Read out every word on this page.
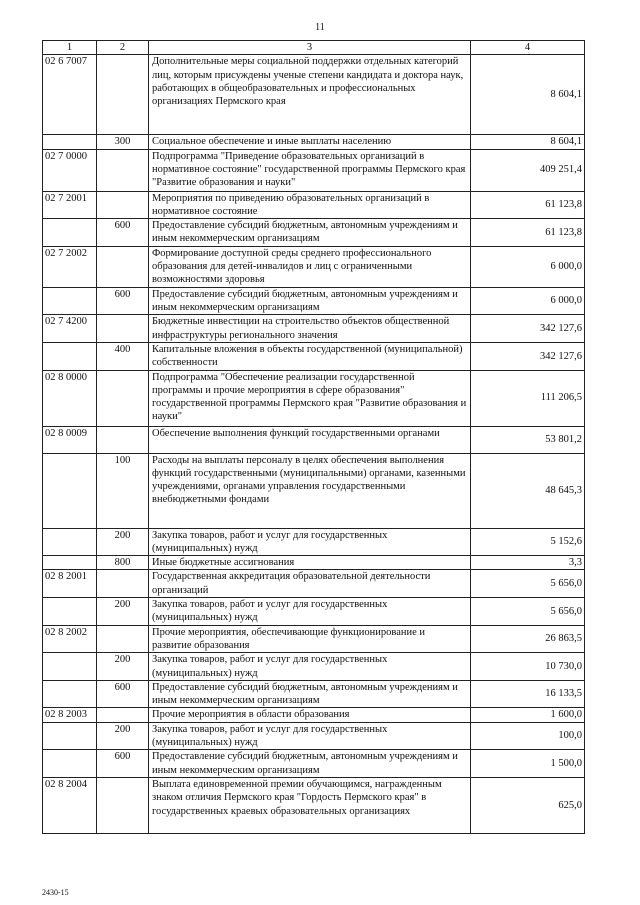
11
1	2	3	4
02 6 7007		Дополнительные меры социальной поддержки отдельных категорий лиц, которым присуждены ученые степени кандидата и доктора наук, работающих в общеобразовательных и профессиональных организациях Пермского края	8 604,1
	300	Социальное обеспечение и иные выплаты населению	8 604,1
02 7 0000		Подпрограмма "Приведение образовательных организаций в нормативное состояние" государственной программы Пермского края "Развитие образования и науки"	409 251,4
02 7 2001		Мероприятия по приведению образовательных организаций в нормативное состояние	61 123,8
	600	Предоставление субсидий бюджетным, автономным учреждениям и иным некоммерческим организациям	61 123,8
02 7 2002		Формирование доступной среды среднего профессионального образования для детей-инвалидов и лиц с ограниченными возможностями здоровья	6 000,0
	600	Предоставление субсидий бюджетным, автономным учреждениям и иным некоммерческим организациям	6 000,0
02 7 4200		Бюджетные инвестиции на строительство объектов общественной инфраструктуры регионального значения	342 127,6
	400	Капитальные вложения в объекты государственной (муниципальной) собственности	342 127,6
02 8 0000		Подпрограмма "Обеспечение реализации государственной программы и прочие мероприятия в сфере образования" государственной программы Пермского края "Развитие образования и науки"	111 206,5
02 8 0009		Обеспечение выполнения функций государственными органами	53 801,2
	100	Расходы на выплаты персоналу в целях обеспечения выполнения функций государственными (муниципальными) органами, казенными учреждениями, органами управления государственными внебюджетными фондами	48 645,3
	200	Закупка товаров, работ и услуг для государственных (муниципальных) нужд	5 152,6
	800	Иные бюджетные ассигнования	3,3
02 8 2001		Государственная аккредитация образовательной деятельности организаций	5 656,0
	200	Закупка товаров, работ и услуг для государственных (муниципальных) нужд	5 656,0
02 8 2002		Прочие мероприятия, обеспечивающие функционирование и развитие образования	26 863,5
	200	Закупка товаров, работ и услуг для государственных (муниципальных) нужд	10 730,0
	600	Предоставление субсидий бюджетным, автономным учреждениям и иным некоммерческим организациям	16 133,5
02 8 2003		Прочие мероприятия в области образования	1 600,0
	200	Закупка товаров, работ и услуг для государственных (муниципальных) нужд	100,0
	600	Предоставление субсидий бюджетным, автономным учреждениям и иным некоммерческим организациям	1 500,0
02 8 2004		Выплата единовременной премии обучающимся, награжденным знаком отличия Пермского края "Гордость Пермского края" в государственных краевых образовательных организациях	625,0
2430-15
